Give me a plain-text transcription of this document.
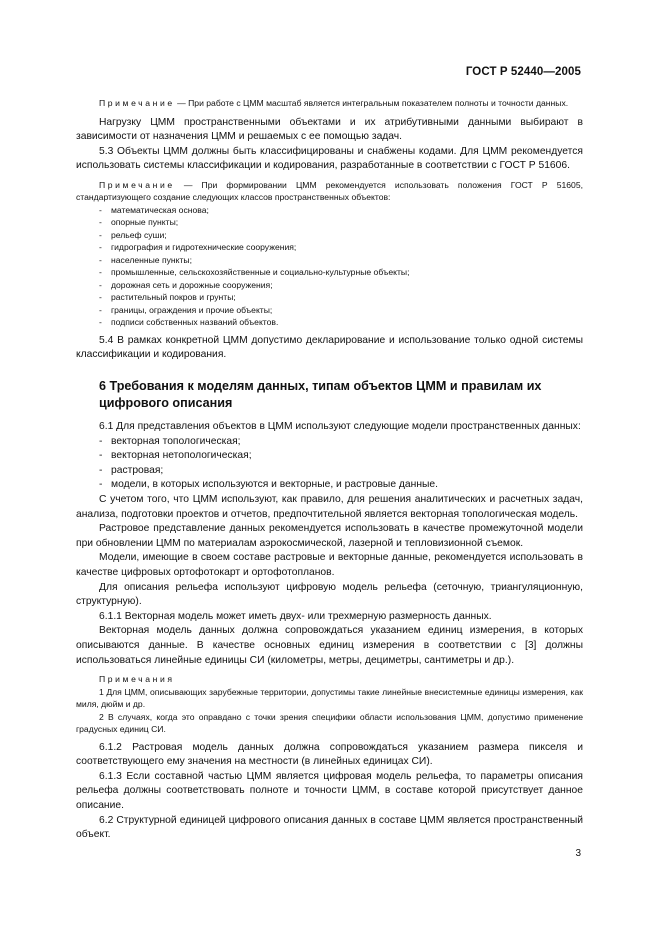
ГОСТ Р 52440—2005

Примечание — При работе с ЦММ масштаб является интегральным показателем полноты и точности данных.

Нагрузку ЦММ пространственными объектами и их атрибутивными данными выбирают в зависимости от назначения ЦММ и решаемых с ее помощью задач.

5.3 Объекты ЦММ должны быть классифицированы и снабжены кодами. Для ЦММ рекомендуется использовать системы классификации и кодирования, разработанные в соответствии с ГОСТ Р 51606.

Примечание — При формировании ЦММ рекомендуется использовать положения ГОСТ Р 51605, стандартизующего создание следующих классов пространственных объектов:

- математическая основа;
- опорные пункты;
- рельеф суши;
- гидрография и гидротехнические сооружения;
- населенные пункты;
- промышленные, сельскохозяйственные и социально-культурные объекты;
- дорожная сеть и дорожные сооружения;
- растительный покров и грунты;
- границы, ограждения и прочие объекты;
- подписи собственных названий объектов.

5.4 В рамках конкретной ЦММ допустимо декларирование и использование только одной системы классификации и кодирования.

6 Требования к моделям данных, типам объектов ЦММ и правилам их цифрового описания

6.1 Для представления объектов в ЦММ используют следующие модели пространственных данных:

- векторная топологическая;
- векторная нетопологическая;
- растровая;
- модели, в которых используются и векторные, и растровые данные.

С учетом того, что ЦММ используют, как правило, для решения аналитических и расчетных задач, анализа, подготовки проектов и отчетов, предпочтительной является векторная топологическая модель.

Растровое представление данных рекомендуется использовать в качестве промежуточной модели при обновлении ЦММ по материалам аэрокосмической, лазерной и тепловизионной съемок.

Модели, имеющие в своем составе растровые и векторные данные, рекомендуется использовать в качестве цифровых ортофотокарт и ортофотопланов.

Для описания рельефа используют цифровую модель рельефа (сеточную, триангуляционную, структурную).

6.1.1 Векторная модель может иметь двух- или трехмерную размерность данных.

Векторная модель данных должна сопровождаться указанием единиц измерения, в которых описываются данные. В качестве основных единиц измерения в соответствии с [3] должны использоваться линейные единицы СИ (километры, метры, дециметры, сантиметры и др.).

Примечания

1 Для ЦММ, описывающих зарубежные территории, допустимы такие линейные внесистемные единицы измерения, как миля, дюйм и др.

2 В случаях, когда это оправдано с точки зрения специфики области использования ЦММ, допустимо применение градусных единиц СИ.

6.1.2 Растровая модель данных должна сопровождаться указанием размера пикселя и соответствующего ему значения на местности (в линейных единицах СИ).

6.1.3 Если составной частью ЦММ является цифровая модель рельефа, то параметры описания рельефа должны соответствовать полноте и точности ЦММ, в составе которой присутствует данное описание.

6.2 Структурной единицей цифрового описания данных в составе ЦММ является пространственный объект.

3
